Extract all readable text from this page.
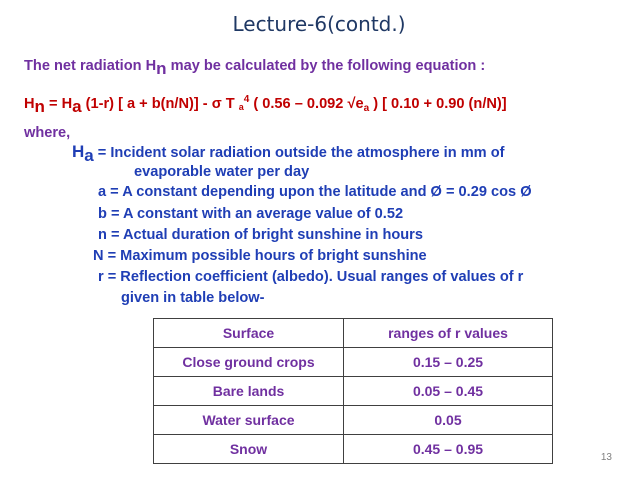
Lecture-6(contd.)
The net radiation Hn may be calculated by the following equation :
Hn = Ha (1-r) [ a + b(n/N)] - σ T $a^4$ ( 0.56 – 0.092 $√e_a$ ) [ 0.10 + 0.90 (n/N)]
where,
Ha = Incident solar radiation outside the atmosphere in mm of
evaporable water per day
a = A constant depending upon the latitude and Ø = 0.29 cos Ø
b = A constant with an average value of 0.52
n = Actual duration of bright sunshine in hours
N = Maximum possible hours of bright sunshine
r = Reflection coefficient (albedo). Usual ranges of values of r
given in table below-
Surface	ranges of r values
Close ground crops	0.15 – 0.25
Bare lands	0.05 – 0.45
Water surface	0.05
Snow	0.45 – 0.95
13
